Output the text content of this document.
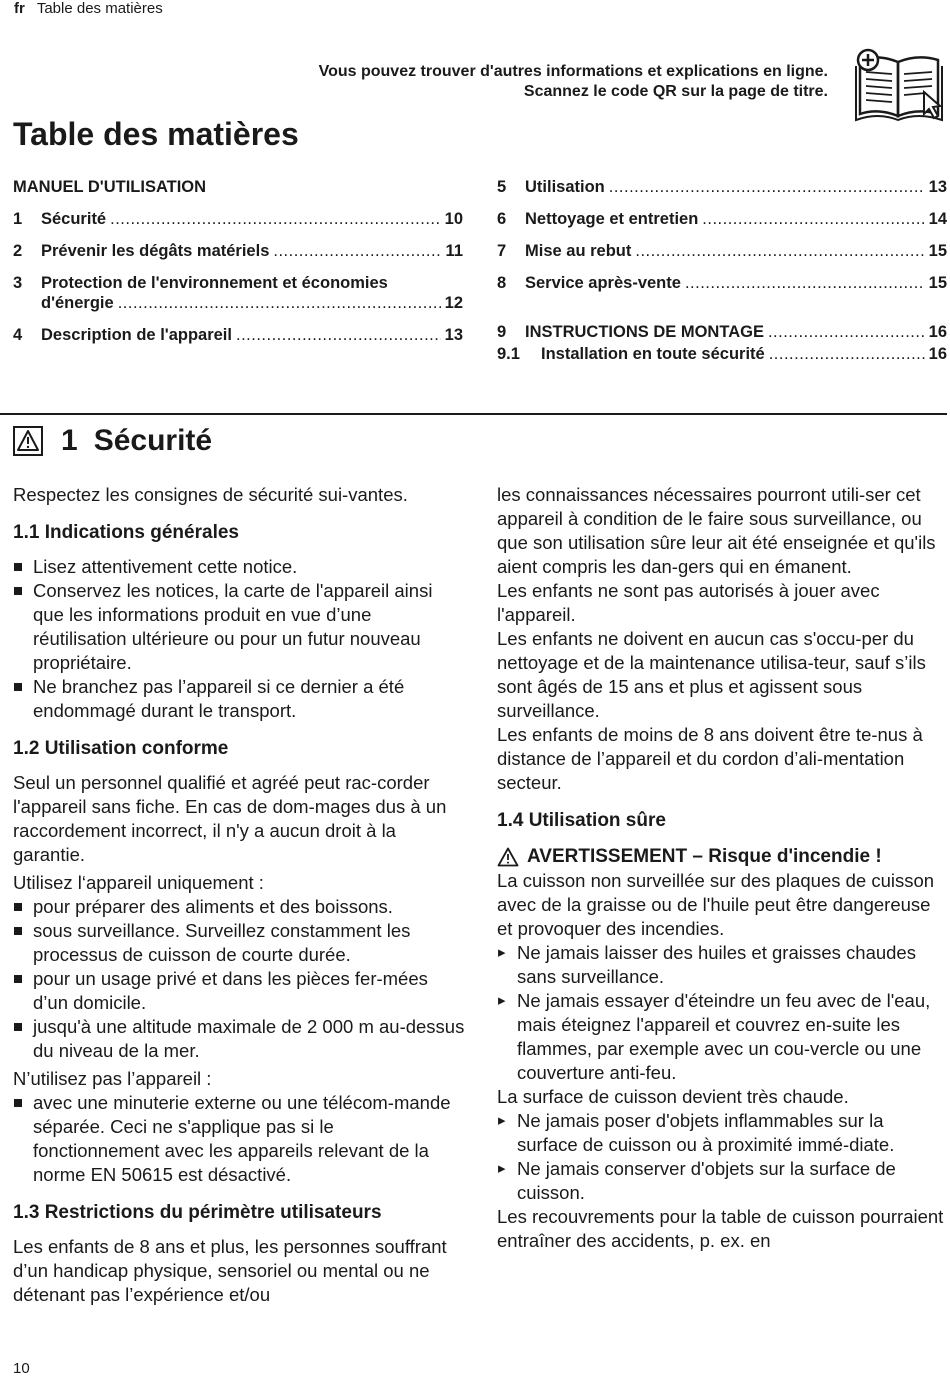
fr Table des matières
Vous pouvez trouver d'autres informations et explications en ligne. Scannez le code QR sur la page de titre.
Table des matières
MANUEL D'UTILISATION
1	Sécurité .....	10
2	Prévenir les dégâts matériels .....	11
3	Protection de l'environnement et économies
d'énergie .....	12
4	Description de l'appareil .....	13
5	Utilisation .....	13
6	Nettoyage et entretien .....	14
7	Mise au rebut .....	15
8	Service après-vente .....	15
9	INSTRUCTIONS DE MONTAGE .....	16
9.1	Installation en toute sécurité .....	16
1 Sécurité

Respectez les consignes de sécurité sui-vantes.

1.1 Indications générales
Lisez attentivement cette notice.
Conservez les notices, la carte de l'appareil ainsi que les informations produit en vue d’une réutilisation ultérieure ou pour un futur nouveau propriétaire.
Ne branchez pas l’appareil si ce dernier a été endommagé durant le transport.
1.2 Utilisation conforme

Seul un personnel qualifié et agréé peut rac-corder l'appareil sans fiche. En cas de dom-mages dus à un raccordement incorrect, il n'y a aucun droit à la garantie.

Utilisez l‘appareil uniquement :

pour préparer des aliments et des boissons.
sous surveillance. Surveillez constamment les processus de cuisson de courte durée.
pour un usage privé et dans les pièces fer-mées d’un domicile.
jusqu'à une altitude maximale de 2 000 m au-dessus du niveau de la mer.

N’utilisez pas l’appareil :

avec une minuterie externe ou une télécom-mande séparée. Ceci ne s'applique pas si le fonctionnement avec les appareils relevant de la norme EN 50615 est désactivé.
1.3 Restrictions du périmètre utilisateurs

Les enfants de 8 ans et plus, les personnes souffrant d’un handicap physique, sensoriel ou mental ou ne détenant pas l’expérience et/ou

les connaissances nécessaires pourront utili-ser cet appareil à condition de le faire sous surveillance, ou que son utilisation sûre leur ait été enseignée et qu'ils aient compris les dan-gers qui en émanent.

Les enfants ne sont pas autorisés à jouer avec l'appareil.

Les enfants ne doivent en aucun cas s'occu-per du nettoyage et de la maintenance utilisa-teur, sauf s’ils sont âgés de 15 ans et plus et agissent sous surveillance.

Les enfants de moins de 8 ans doivent être te-nus à distance de l’appareil et du cordon d’ali-mentation secteur.

1.4 Utilisation sûre
AVERTISSEMENT – Risque d'incendie !

La cuisson non surveillée sur des plaques de cuisson avec de la graisse ou de l'huile peut être dangereuse et provoquer des incendies.

▸ Ne jamais laisser des huiles et graisses chaudes sans surveillance.
▸ Ne jamais essayer d'éteindre un feu avec de l'eau, mais éteignez l'appareil et couvrez en-suite les flammes, par exemple avec un cou-vercle ou une couverture anti-feu.

La surface de cuisson devient très chaude.

▸ Ne jamais poser d'objets inflammables sur la surface de cuisson ou à proximité immé-diate.
▸ Ne jamais conserver d'objets sur la surface de cuisson.

Les recouvrements pour la table de cuisson pourraient entraîner des accidents, p. ex. en

10
